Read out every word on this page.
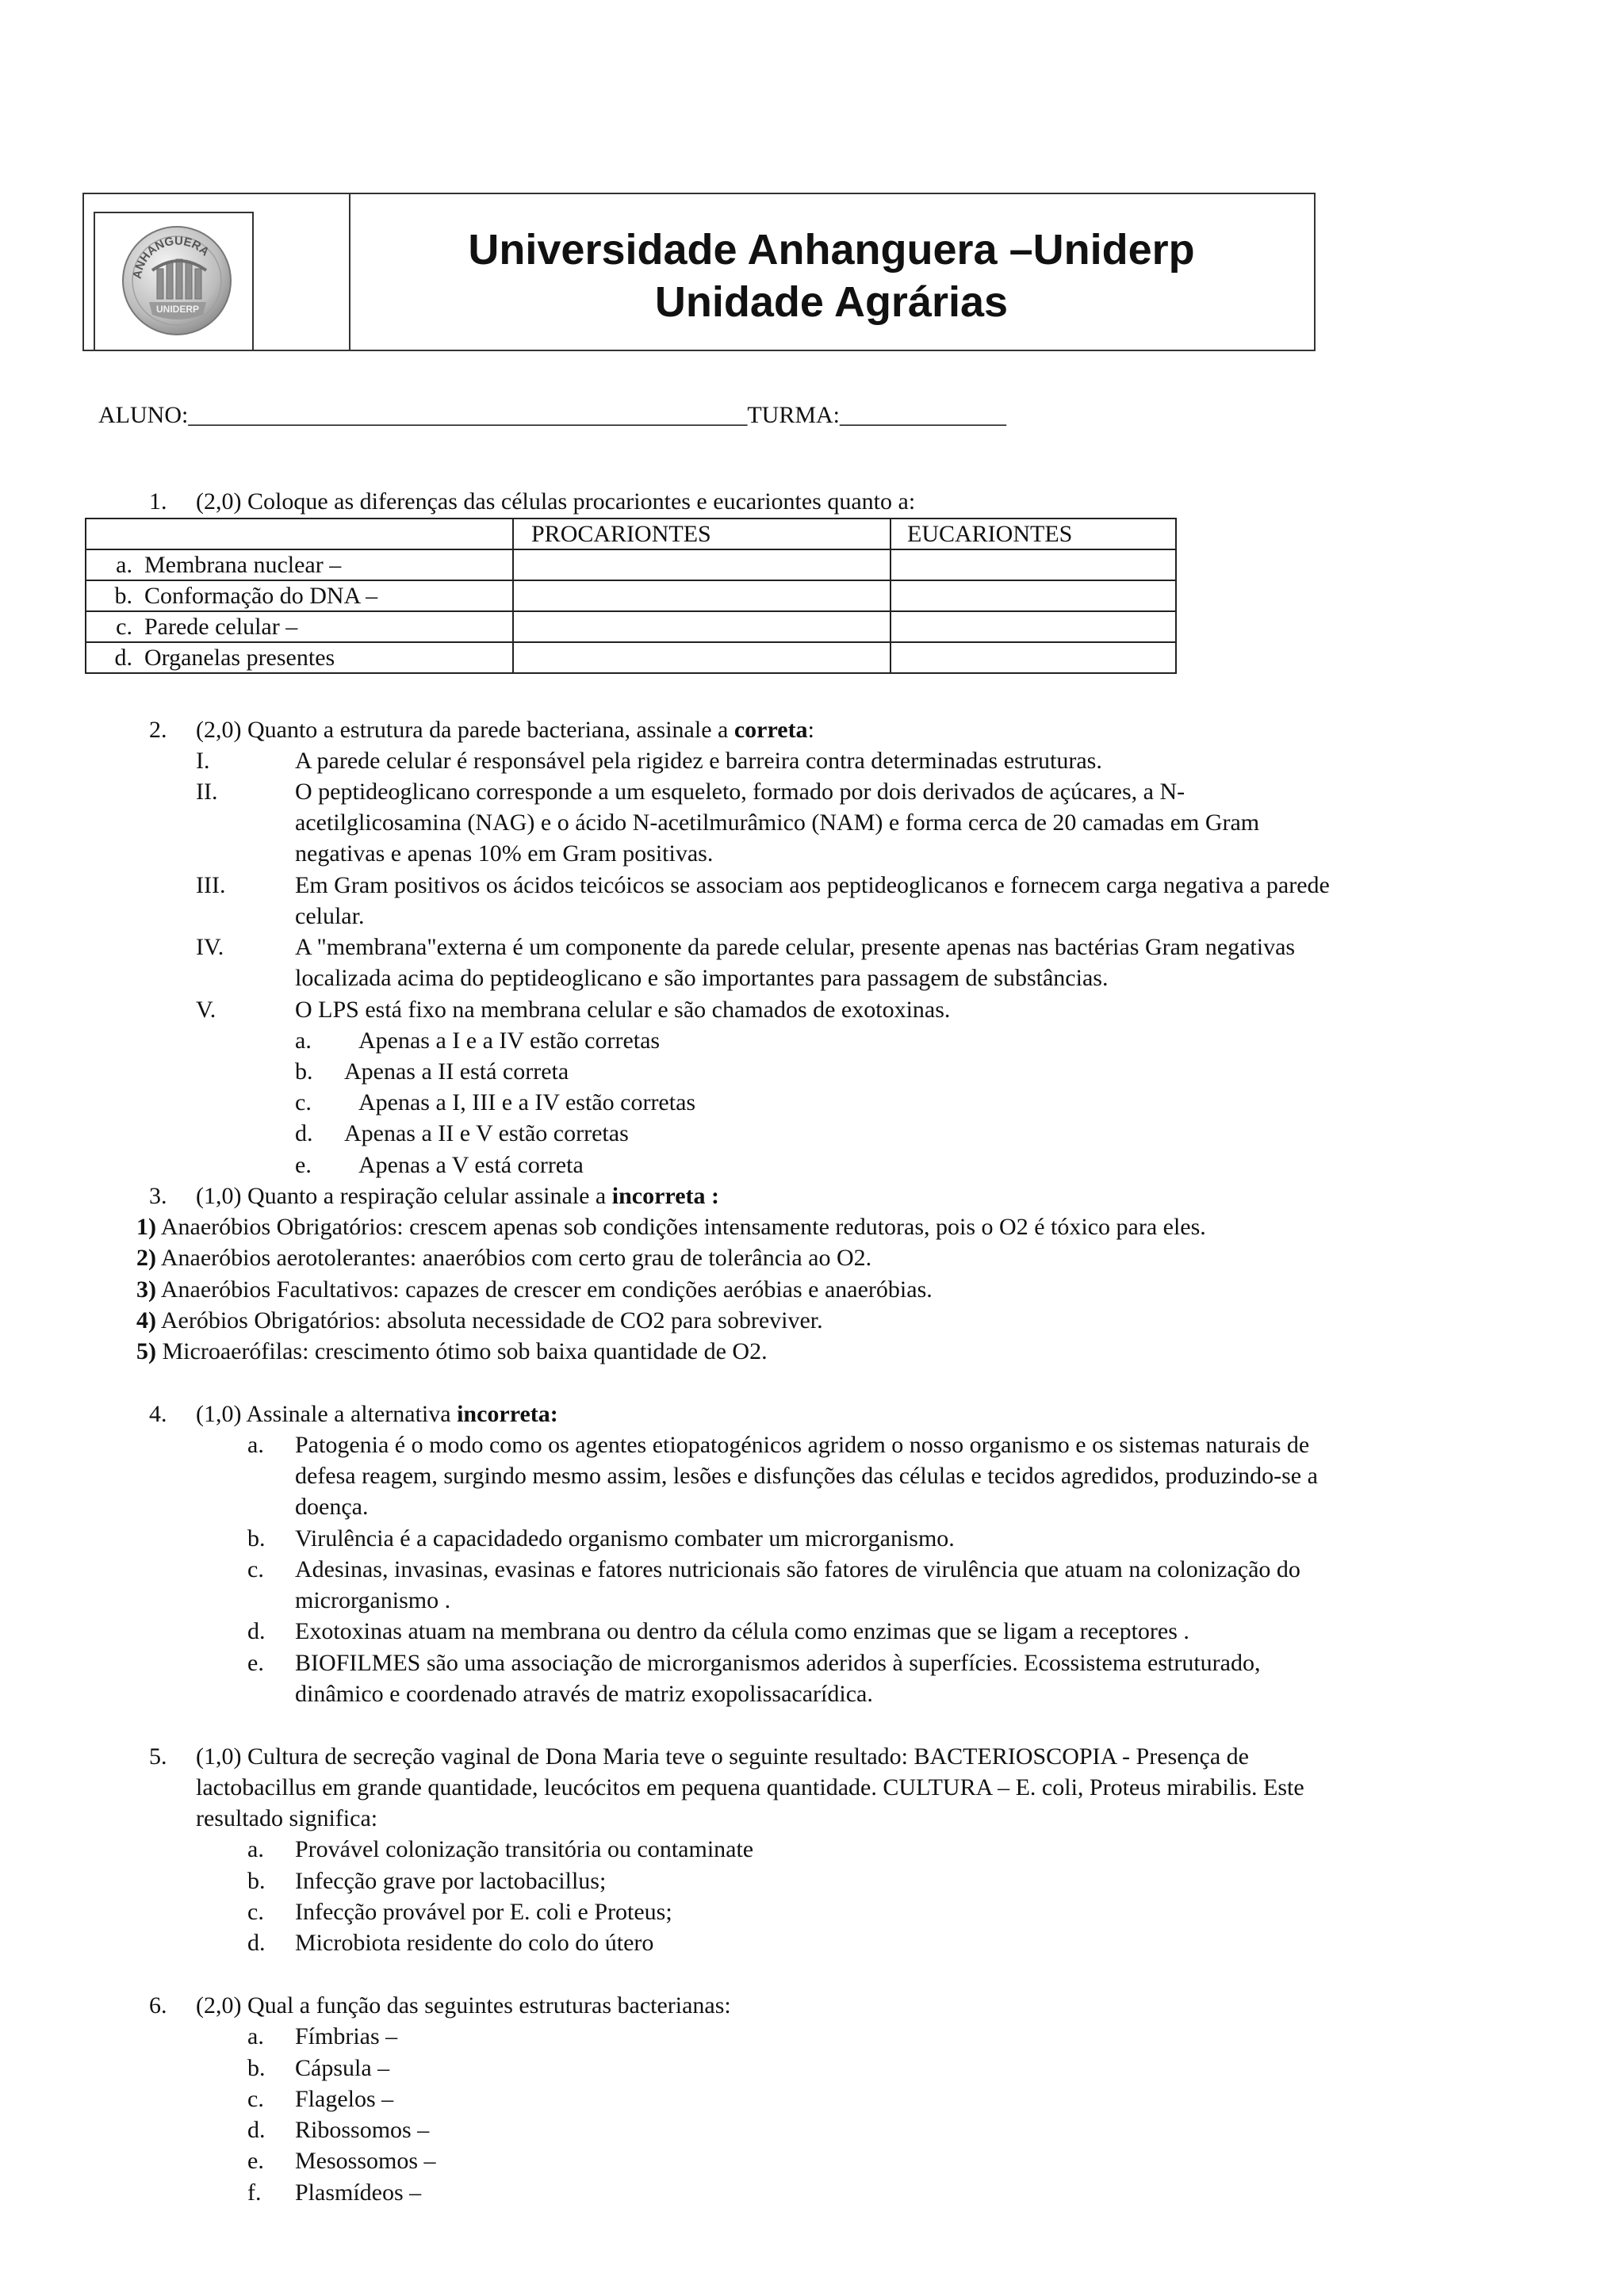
ANHANGUERA
UNIDERP
Universidade Anhanguera –Uniderp
Unidade Agrárias
ALUNO:_______________________________________________TURMA:______________
1. (2,0) Coloque as diferenças das células procariontes e eucariontes quanto a:
	PROCARIONTES	EUCARIONTES
a. Membrana nuclear –		
b. Conformação do DNA –		
c. Parede celular –		
d. Organelas presentes		
2. (2,0) Quanto a estrutura da parede bacteriana, assinale a correta:
I.	A parede celular é responsável pela rigidez e barreira contra determinadas estruturas.
II.	O peptideoglicano corresponde a um esqueleto, formado por dois derivados de açúcares, a N-
acetilglicosamina (NAG) e o ácido N-acetilmurâmico (NAM) e forma cerca de 20 camadas em Gram
negativas e apenas 10% em Gram positivas.
III.	Em Gram positivos os ácidos teicóicos se associam aos peptideoglicanos e fornecem carga negativa a parede
celular.
IV.	A "membrana"externa é um componente da parede celular, presente apenas nas bactérias Gram negativas
localizada acima do peptideoglicano e são importantes para passagem de substâncias.
V.	O LPS está fixo na membrana celular e são chamados de exotoxinas.
a. Apenas a I e a IV estão corretas
b. Apenas a II está correta
c. Apenas a I, III e a IV estão corretas
d. Apenas a II e V estão corretas
e. Apenas a V está correta
3. (1,0) Quanto a respiração celular assinale a incorreta :
1) Anaeróbios Obrigatórios: crescem apenas sob condições intensamente redutoras, pois o O2 é tóxico para eles.
2) Anaeróbios aerotolerantes: anaeróbios com certo grau de tolerância ao O2.
3) Anaeróbios Facultativos: capazes de crescer em condições aeróbias e anaeróbias.
4) Aeróbios Obrigatórios: absoluta necessidade de CO2 para sobreviver.
5) Microaerófilas: crescimento ótimo sob baixa quantidade de O2.
4. (1,0) Assinale a alternativa incorreta:
a. Patogenia é o modo como os agentes etiopatogénicos agridem o nosso organismo e os sistemas naturais de
defesa reagem, surgindo mesmo assim, lesões e disfunções das células e tecidos agredidos, produzindo-se a
doença.
b. Virulência é a capacidadedo organismo combater um microrganismo.
c. Adesinas, invasinas, evasinas e fatores nutricionais são fatores de virulência que atuam na colonização do
microrganismo .
d. Exotoxinas atuam na membrana ou dentro da célula como enzimas que se ligam a receptores .
e. BIOFILMES são uma associação de microrganismos aderidos à superfícies. Ecossistema estruturado,
dinâmico e coordenado através de matriz exopolissacarídica.
5. (1,0) Cultura de secreção vaginal de Dona Maria teve o seguinte resultado: BACTERIOSCOPIA - Presença de
lactobacillus em grande quantidade, leucócitos em pequena quantidade. CULTURA – E. coli, Proteus mirabilis. Este
resultado significa:
a. Provável colonização transitória ou contaminate
b. Infecção grave por lactobacillus;
c. Infecção provável por E. coli e Proteus;
d. Microbiota residente do colo do útero
6. (2,0) Qual a função das seguintes estruturas bacterianas:
a. Fímbrias –
b. Cápsula –
c. Flagelos –
d. Ribossomos –
e. Mesossomos –
f. Plasmídeos –
